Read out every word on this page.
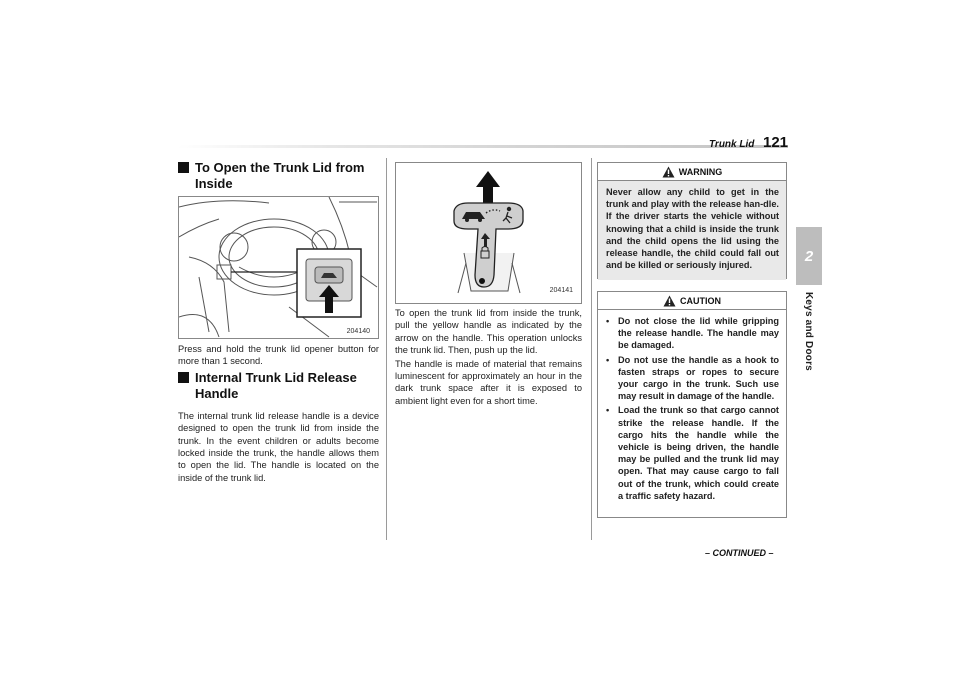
Trunk Lid 121
2
Keys and Doors
To Open the Trunk Lid from Inside
204140

Press and hold the trunk lid opener button for more than 1 second.

Internal Trunk Lid Release Handle

The internal trunk lid release handle is a device designed to open the trunk lid from inside the trunk. In the event children or adults become locked inside the trunk, the handle allows them to open the lid. The handle is located on the inside of the trunk lid.

204141

To open the trunk lid from inside the trunk, pull the yellow handle as indicated by the arrow on the handle. This operation unlocks the trunk lid. Then, push up the lid.

The handle is made of material that remains luminescent for approximately an hour in the dark trunk space after it is exposed to ambient light even for a short time.

WARNING
Never allow any child to get in the trunk and play with the release han-dle. If the driver starts the vehicle without knowing that a child is inside the trunk and the child opens the lid using the release handle, the child could fall out and be killed or seriously injured.
CAUTION
• Do not close the lid while gripping the release handle. The handle may be damaged.
• Do not use the handle as a hook to fasten straps or ropes to secure your cargo in the trunk. Such use may result in damage of the handle.
• Load the trunk so that cargo cannot strike the release handle. If the cargo hits the handle while the vehicle is being driven, the handle may be pulled and the trunk lid may open. That may cause cargo to fall out of the trunk, which could create a traffic safety hazard.
– CONTINUED –
